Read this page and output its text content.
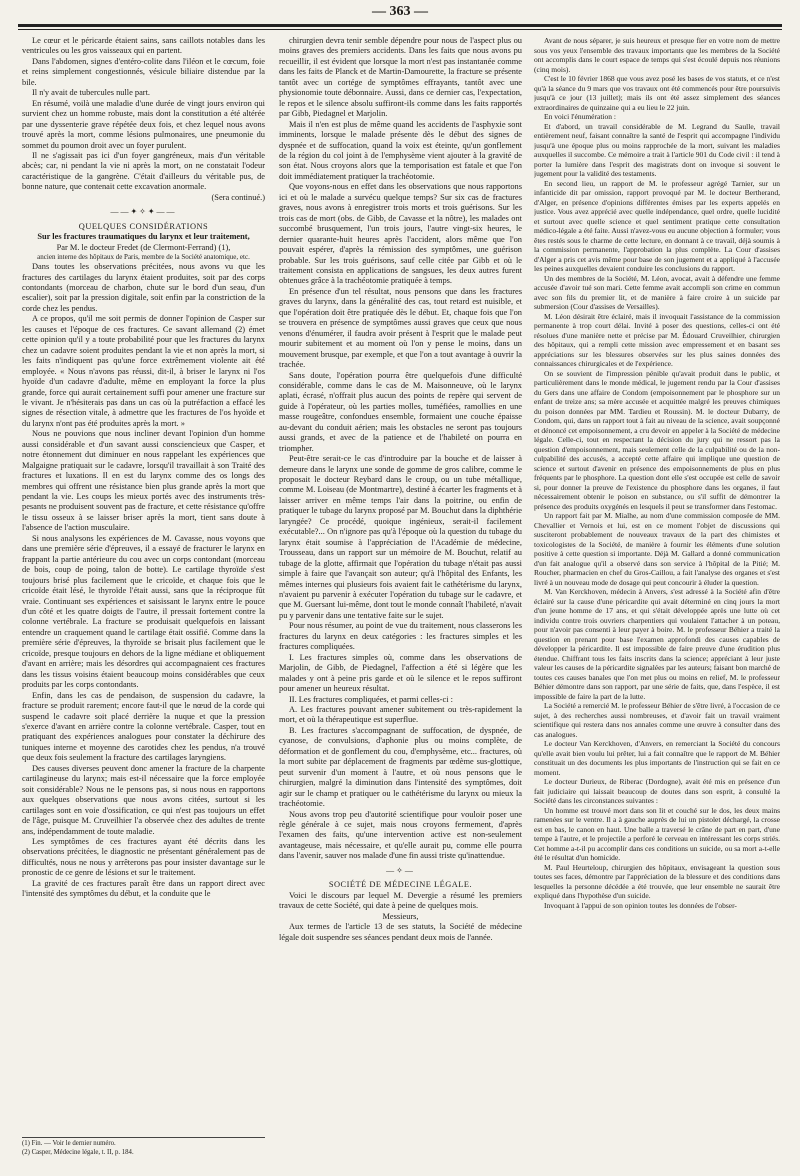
— 363 —

Le cœur et le péricarde étaient sains, sans caillots notables dans les ventricules ou les gros vaisseaux qui en partent.

Dans l'abdomen, signes d'entéro-colite dans l'iléon et le cœcum, foie et reins simplement congestionnés, vésicule biliaire distendue par la bile.

Il n'y avait de tubercules nulle part.

En résumé, voilà une maladie d'une durée de vingt jours environ qui survient chez un homme robuste, mais dont la constitution a été altérée par une dyssenterie grave répétée deux fois, et chez lequel nous avons trouvé après la mort, comme lésions pulmonaires, une pneumonie du sommet du poumon droit avec un foyer purulent.

Il ne s'agissait pas ici d'un foyer gangréneux, mais d'un véritable abcès; car, ni pendant la vie ni après la mort, on ne constatait l'odeur caractéristique de la gangrène. C'était d'ailleurs du véritable pus, de bonne nature, que contenait cette excavation anormale.

(Sera continué.)

——✦✧✦——

QUELQUES CONSIDÉRATIONS

Sur les fractures traumatiques du larynx et leur traitement,

Par M. le docteur Fredet (de Clermont-Ferrand) (1),

ancien interne des hôpitaux de Paris, membre de la Société anatomique, etc.

Dans toutes les observations précitées, nous avons vu que les fractures des cartilages du larynx étaient produites, soit par des corps contondants (morceau de charbon, chute sur le bord d'un seau, d'un escalier), soit par la pression digitale, soit enfin par la constriction de la corde chez les pendus.

A ce propos, qu'il me soit permis de donner l'opinion de Casper sur les causes et l'époque de ces fractures. Ce savant allemand (2) émet cette opinion qu'il y a toute probabilité pour que les fractures du larynx chez un cadavre soient produites pendant la vie et non après la mort, si les faits n'indiquent pas qu'une force extrêmement violente ait été employée. « Nous n'avons pas réussi, dit-il, à briser le larynx ni l'os hyoïde d'un cadavre d'adulte, même en employant la force la plus grande, force qui aurait certainement suffi pour amener une fracture sur le vivant. Je n'hésiterais pas dans un cas où la putréfaction a effacé les signes de résection vitale, à admettre que les fractures de l'os hyoïde et du larynx n'ont pas été produites après la mort. »

Nous ne pouvions que nous incliner devant l'opinion d'un homme aussi considérable et d'un savant aussi consciencieux que Casper, et notre étonnement dut diminuer en nous rappelant les expériences que Malgaigne pratiquait sur le cadavre, lorsqu'il travaillait à son Traité des fractures et luxations. Il en est du larynx comme des os longs des membres qui offrent une résistance bien plus grande après la mort que pendant la vie. Les coups les mieux portés avec des instruments très-pesants ne produisent souvent pas de fracture, et cette résistance qu'offre le tissu osseux à se laisser briser après la mort, tient sans doute à l'absence de l'action musculaire.

Si nous analysons les expériences de M. Cavasse, nous voyons que dans une première série d'épreuves, il a essayé de fracturer le larynx en frappant la partie antérieure du cou avec un corps contondant (morceau de bois, coup de poing, talon de botte). Le cartilage thyroïde s'est toujours brisé plus facilement que le cricoïde, et chaque fois que le cricoïde était lésé, le thyroïde l'était aussi, sans que la réciproque fût vraie. Continuant ses expériences et saisissant le larynx entre le pouce d'un côté et les quatre doigts de l'autre, il pressait fortement contre la colonne vertébrale. La fracture se produisait quelquefois en laissant entendre un craquement quand le cartilage était ossifié. Comme dans la première série d'épreuves, la thyroïde se brisait plus facilement que le cricoïde, presque toujours en dehors de la ligne médiane et obliquement d'avant en arrière; mais les désordres qui accompagnaient ces fractures dans les tissus voisins étaient beaucoup moins considérables que ceux produits par les corps contondants.

Enfin, dans les cas de pendaison, de suspension du cadavre, la fracture se produit rarement; encore faut-il que le nœud de la corde qui suspend le cadavre soit placé derrière la nuque et que la pression s'exerce d'avant en arrière contre la colonne vertébrale. Casper, tout en pratiquant des expériences analogues pour constater la déchirure des tuniques interne et moyenne des carotides chez les pendus, n'a trouvé que deux fois seulement la fracture des cartilages laryngiens.

Des causes diverses peuvent donc amener la fracture de la charpente cartilagineuse du larynx; mais est-il nécessaire que la force employée soit considérable? Nous ne le pensons pas, si nous nous en rapportons aux quelques observations que nous avons citées, surtout si les cartilages sont en voie d'ossification, ce qui n'est pas toujours un effet de l'âge, puisque M. Cruveilhier l'a observée chez des adultes de trente ans, indépendamment de toute maladie.

Les symptômes de ces fractures ayant été décrits dans les observations précitées, le diagnostic ne présentant généralement pas de difficultés, nous ne nous y arrêterons pas pour insister davantage sur le pronostic de ce genre de lésions et sur le traitement.

La gravité de ces fractures paraît être dans un rapport direct avec l'intensité des symptômes du début, et la conduite que le

(1) Fin. — Voir le dernier numéro.
(2) Casper, Médecine légale, t. II, p. 184.

chirurgien devra tenir semble dépendre pour nous de l'aspect plus ou moins graves des premiers accidents. Dans les faits que nous avons pu recueillir, il est évident que lorsque la mort n'est pas instantanée comme dans les faits de Planck et de Martin-Damourette, la fracture se présente tantôt avec un cortége de symptômes effrayants, tantôt avec une physionomie toute débonnaire. Aussi, dans ce dernier cas, l'expectation, le repos et le silence absolu suffiront-ils comme dans les faits rapportés par Gibb, Piedagnel et Marjolin.

Mais il n'en est plus de même quand les accidents de l'asphyxie sont imminents, lorsque le malade présente dès le début des signes de dyspnée et de suffocation, quand la voix est éteinte, qu'un gonflement de la région du col joint à de l'emphysème vient ajouter à la gravité de son état. Nous croyons alors que la temporisation est fatale et que l'on doit immédiatement pratiquer la trachéotomie.

Que voyons-nous en effet dans les observations que nous rapportons ici et où le malade a survécu quelque temps? Sur six cas de fractures graves, nous avons à enregistrer trois morts et trois guérisons. Sur les trois cas de mort (obs. de Gibb, de Cavasse et la nôtre), les malades ont succombé brusquement, l'un trois jours, l'autre vingt-six heures, le dernier quarante-huit heures après l'accident, alors même que l'on pouvait espérer, d'après la rémission des symptômes, une guérison probable. Sur les trois guérisons, sauf celle citée par Gibb et où le traitement consista en applications de sangsues, les deux autres furent obtenues grâce à la trachéotomie pratiquée à temps.

En présence d'un tel résultat, nous pensons que dans les fractures graves du larynx, dans la généralité des cas, tout retard est nuisible, et que l'opération doit être pratiquée dès le début. Et, chaque fois que l'on se trouvera en présence de symptômes aussi graves que ceux que nous venons d'énumérer, il faudra avoir présent à l'esprit que le malade peut mourir subitement et au moment où l'on y pense le moins, dans un mouvement brusque, par exemple, et que l'on a tout avantage à ouvrir la trachée.

Sans doute, l'opération pourra être quelquefois d'une difficulté considérable, comme dans le cas de M. Maisonneuve, où le larynx aplati, écrasé, n'offrait plus aucun des points de repère qui servent de guide à l'opérateur, où les parties molles, tuméfiées, ramollies en une masse rougeâtre, confondues ensemble, formaient une couche épaisse au-devant du conduit aérien; mais les obstacles ne seront pas toujours aussi grands, et avec de la patience et de l'habileté on pourra en triompher.

Peut-être serait-ce le cas d'introduire par la bouche et de laisser à demeure dans le larynx une sonde de gomme de gros calibre, comme le proposait le docteur Reybard dans le croup, ou un tube métallique, comme M. Loiseau (de Montmartre), destiné à écarter les fragments et à laisser arriver en même temps l'air dans la poitrine, ou enfin de pratiquer le tubage du larynx proposé par M. Bouchut dans la diphthérie laryngée? Ce procédé, quoique ingénieux, serait-il facilement exécutable?... On n'ignore pas qu'à l'époque où la question du tubage du larynx était soumise à l'appréciation de l'Académie de médecine, Trousseau, dans un rapport sur un mémoire de M. Bouchut, relatif au tubage de la glotte, affirmait que l'opération du tubage n'était pas aussi simple à faire que l'avançait son auteur; qu'à l'hôpital des Enfants, les mêmes internes qui plusieurs fois avaient fait le cathétérisme du larynx, n'avaient pu parvenir à exécuter l'opération du tubage sur le cadavre, et que M. Guersant lui-même, dont tout le monde connaît l'habileté, n'avait pu y parvenir dans une tentative faite sur le sujet.

Pour nous résumer, au point de vue du traitement, nous classerons les fractures du larynx en deux catégories : les fractures simples et les fractures compliquées.

I. Les fractures simples où, comme dans les observations de Marjolin, de Gibb, de Piedagnel, l'affection a été si légère que les malades y ont à peine pris garde et où le silence et le repos suffiront pour amener un heureux résultat.

II. Les fractures compliquées, et parmi celles-ci :

A. Les fractures pouvant amener subitement ou très-rapidement la mort, et où la thérapeutique est superflue.

B. Les fractures s'accompagnant de suffocation, de dyspnée, de cyanose, de convulsions, d'aphonie plus ou moins complète, de déformation et de gonflement du cou, d'emphysème, etc... fractures, où la mort subite par déplacement de fragments par œdème sus-glottique, peut survenir d'un moment à l'autre, et où nous pensons que le chirurgien, malgré la diminution dans l'intensité des symptômes, doit agir sur le champ et pratiquer ou le cathétérisme du larynx ou mieux la trachéotomie.

Nous avons trop peu d'autorité scientifique pour vouloir poser une règle générale à ce sujet, mais nous croyons fermement, d'après l'examen des faits, qu'une intervention active est non-seulement avantageuse, mais nécessaire, et qu'elle aurait pu, comme elle pourra dans l'avenir, sauver nos malade d'une fin aussi triste qu'inattendue.

—✧—

SOCIÉTÉ DE MÉDECINE LÉGALE.

Voici le discours par lequel M. Devergie a résumé les premiers travaux de cette Société, qui date à peine de quelques mois.

Messieurs,

Aux termes de l'article 13 de ses statuts, la Société de médecine légale doit suspendre ses séances pendant deux mois de l'année.

Avant de nous séparer, je suis heureux et presque fier en votre nom de mettre sous vos yeux l'ensemble des travaux importants que les membres de la Société ont accomplis dans le court espace de temps qui s'est écoulé depuis nos réunions (cinq mois).

C'est le 10 février 1868 que vous avez posé les bases de vos statuts, et ce n'est qu'à la séance du 9 mars que vos travaux ont été commencés pour être poursuivis jusqu'à ce jour (13 juillet); mais ils ont été assez simplement des séances extraordinaires de quinzaine qui a eu lieu le 22 juin.

En voici l'énumération :

Et d'abord, un travail considérable de M. Legrand du Saulle, travail entièrement neuf, faisant connaître la santé de l'esprit qui accompagne l'individu jusqu'à une époque plus ou moins rapprochée de la mort, suivant les maladies auxquelles il succombe. Ce mémoire a trait à l'article 901 du Code civil : il tend à porter la lumière dans l'esprit des magistrats dont on invoque si souvent le jugement pour la validité des testaments.

En second lieu, un rapport de M. le professeur agrégé Tarnier, sur un infanticide dit par omission, rapport provoqué par M. le docteur Bertherand, d'Alger, en présence d'opinions différentes émises par les experts appelés en justice. Vous avez apprécié avec quelle indépendance, quel ordre, quelle lucidité et surtout avec quelle science et quel sentiment pratique cette consultation médico-légale a été faite. Aussi n'avez-vous eu aucune objection à formuler; vous êtes restés sous le charme de cette lecture, en donnant à ce travail, déjà soumis à la commission permanente, l'approbation la plus complète. La Cour d'assises d'Alger a pris cet avis même pour base de son jugement et a appliqué à l'accusée les peines auxquelles devaient conduire les conclusions du rapport.

Un des membres de la Société, M. Léon, avocat, avait à défendre une femme accusée d'avoir tué son mari. Cette femme avait accompli son crime en commun avec son fils du premier lit, et de manière à faire croire à un suicide par submersion (Cour d'assises de Versailles).

M. Léon désirait être éclairé, mais il invoquait l'assistance de la commission permanente à trop court délai. Invité à poser des questions, celles-ci ont été résolues d'une manière nette et précise par M. Édouard Cruveilhier, chirurgien des hôpitaux, qui a rempli cette mission avec empressement et en basant ses appréciations sur les blessures observées sur les plus saines données des connaissances chirurgicales et de l'expérience.

On se souvient de l'impression pénible qu'avait produit dans le public, et particulièrement dans le monde médical, le jugement rendu par la Cour d'assises du Gers dans une affaire de Condom (empoisonnement par le phosphore sur un enfant de treize ans; sa mère accusée et acquittée malgré les preuves chimiques du poison données par MM. Tardieu et Roussin). M. le docteur Dubarry, de Condom, qui, dans un rapport tout à fait au niveau de la science, avait soupçonné et dénoncé cet empoisonnement, a cru devoir en appeler à la Société de médecine légale. Celle-ci, tout en respectant la décision du jury qui ne ressort pas la question d'empoisonnement, mais seulement celle de la culpabilité ou de la non-culpabilité des accusés, a accepté cette affaire qui implique une question de science et surtout d'avenir en présence des empoisonnements de plus en plus fréquents par le phosphore. La question dont elle s'est occupée est celle de savoir si, pour donner la preuve de l'existence du phosphore dans les organes, il faut nécessairement obtenir le poison en substance, ou s'il suffit de démontrer la présence des produits oxygénés en lesquels il peut se transformer dans l'estomac.

Un rapport fait par M. Mialhe, au nom d'une commission composée de MM. Chevallier et Vernois et lui, est en ce moment l'objet de discussions qui susciteront probablement de nouveaux travaux de la part des chimistes et toxicologistes de la Société, de manière à fournir les éléments d'une solution positive à cette question si importante. Déjà M. Gallard a donné communication d'un fait analogue qu'il a observé dans son service à l'hôpital de la Pitié; M. Roucher, pharmacien en chef du Gros-Caillou, a fait l'analyse des organes et s'est livré à un nouveau mode de dosage qui peut concourir à éluder la question.

M. Van Kerckhoven, médecin à Anvers, s'est adressé à la Société afin d'être éclairé sur la cause d'une péricardite qui avait déterminé en cinq jours la mort d'un jeune homme de 17 ans, et qui s'était développée après une lutte où cet individu contre trois ouvriers charpentiers qui voulaient l'attacher à un poteau, pour n'avoir pas consenti à leur payer à boire. M. le professeur Béhier a traité la question en prenant pour base l'examen approfondi des causes capables de développer la péricardite. Il est impossible de faire preuve d'une érudition plus étendue. Chiffrant tous les faits inscrits dans la science; appréciant à leur juste valeur les causes de la péricardite signalées par les auteurs; faisant bon marché de toutes ces causes banales que l'on met plus ou moins en relief, M. le professeur Béhier démontre dans son rapport, par une série de faits, que, dans l'espèce, il est impossible de faire la part de la lutte.

La Société a remercié M. le professeur Béhier de s'être livré, à l'occasion de ce sujet, à des recherches aussi nombreuses, et d'avoir fait un travail vraiment scientifique qui restera dans nos annales comme une œuvre à consulter dans des cas analogues.

Le docteur Van Kerckhoven, d'Anvers, en remerciant la Société du concours qu'elle avait bien voulu lui prêter, lui a fait connaître que le rapport de M. Béhier constituait un des documents les plus importants de l'instruction qui se fait en ce moment.

Le docteur Durieux, de Riberac (Dordogne), avait été mis en présence d'un fait judiciaire qui laissait beaucoup de doutes dans son esprit, à consulté la Société dans les circonstances suivantes :

Un homme est trouvé mort dans son lit et couché sur le dos, les deux mains ramenées sur le ventre. Il a à gauche auprès de lui un pistolet déchargé, la crosse est en bas, le canon en haut. Une balle a traversé le crâne de part en part, d'une tempe à l'autre, et le projectile a perforé le cerveau en intéressant les corps striés. Cet homme a-t-il pu accomplir dans ces conditions un suicide, ou sa mort a-t-elle été le résultat d'un homicide.

M. Paul Heurteloup, chirurgien des hôpitaux, envisageant la question sous toutes ses faces, démontre par l'appréciation de la blessure et des conditions dans lesquelles la personne décédée a été trouvée, que leur ensemble ne saurait être expliqué dans l'hypothèse d'un suicide.

Invoquant à l'appui de son opinion toutes les données de l'obser-
